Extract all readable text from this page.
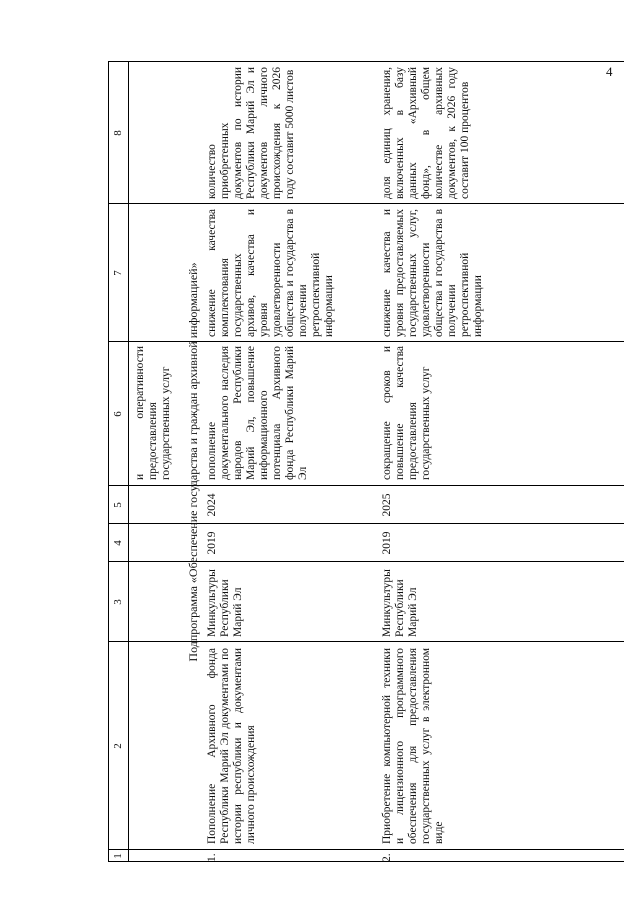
4
1
2
3
4
5
6
7
8
и оперативности предоставления государственных услуг Подпрограмма «Обеспечение государства и граждан архивной информацией»
1.
Пополнение Архивного фонда Республики Марий Эл документами по истории республики и документами личного происхождения
Минкультуры Республики Марий Эл
2019
2024
пополнение документального наследия народов Республики Марий Эл, повышение информационного потенциала Архивного фонда Республики Марий Эл
снижение качества комплектования государственных архивов, качества и уровня удовлетворенности общества и государства в получении ретроспективной информации
количество приобретенных документов по истории Республики Марий Эл и документов личного происхождения к 2026 году составит 5000 листов
2.
Приобретение компьютерной техники и лицензионного программного обеспечения для предоставления государственных услуг в электронном виде
Минкультуры Республики Марий Эл
2019
2025
сокращение сроков и повышение качества предоставления государственных услуг
снижение качества и уровня предоставляемых государственных услуг, удовлетворенности общества и государства в получении ретроспективной информации
доля единиц хранения, включенных в базу данных «Архивный фонд», в общем количестве архивных документов, к 2026 году составит 100 процентов
